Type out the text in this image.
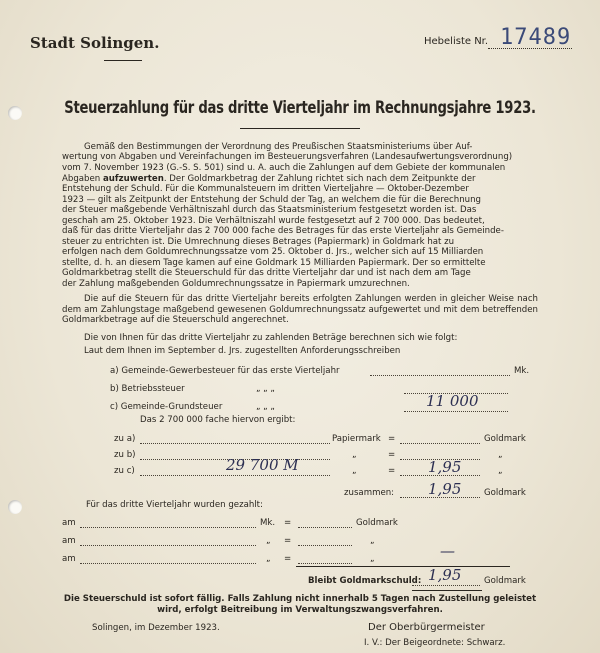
Stadt Solingen.	Hebeliste Nr. 17489
Steuerzahlung für das dritte Vierteljahr im Rechnungsjahre 1923.
Gemäß den Bestimmungen der Verordnung des Preußischen Staatsministeriums über Auf-
wertung von Abgaben und Vereinfachungen im Besteuerungsverfahren (Landesaufwertungsverordnung)
vom 7. November 1923 (G.-S. S. 501) sind u. A. auch die Zahlungen auf dem Gebiete der kommunalen
Abgaben aufzuwerten. Der Goldmarkbetrag der Zahlung richtet sich nach dem Zeitpunkte der
Entstehung der Schuld. Für die Kommunalsteuern im dritten Vierteljahre — Oktober-Dezember
1923 — gilt als Zeitpunkt der Entstehung der Schuld der Tag, an welchem die für die Berechnung
der Steuer maßgebende Verhältniszahl durch das Staatsministerium festgesetzt worden ist. Das
geschah am 25. Oktober 1923. Die Verhältniszahl wurde festgesetzt auf 2 700 000. Das bedeutet,
daß für das dritte Vierteljahr das 2 700 000 fache des Betrages für das erste Vierteljahr als Gemeinde-
steuer zu entrichten ist. Die Umrechnung dieses Betrages (Papiermark) in Goldmark hat zu
erfolgen nach dem Goldumrechnungssatze vom 25. Oktober d. Jrs., welcher sich auf 15 Milliarden
stellte, d. h. an diesem Tage kamen auf eine Goldmark 15 Milliarden Papiermark. Der so ermittelte
Goldmarkbetrag stellt die Steuerschuld für das dritte Vierteljahr dar und ist nach dem am Tage
der Zahlung maßgebenden Goldumrechnungssatze in Papiermark umzurechnen.
Die auf die Steuern für das dritte Vierteljahr bereits erfolgten Zahlungen werden in gleicher Weise nach dem am Zahlungstage maßgebend gewesenen Goldumrechnungssatz aufgewertet und mit dem betreffenden Goldmarkbetrage auf die Steuerschuld angerechnet.
Die von Ihnen für das dritte Vierteljahr zu zahlenden Beträge berechnen sich wie folgt:
Laut dem Ihnen im September d. Jrs. zugestellten Anforderungsschreiben
a) Gemeinde-Gewerbesteuer für das erste Vierteljahr	Mk.
b) Betriebssteuer	„ „ „
c) Gemeinde-Grundsteuer	„ „ „	11 000
Das 2 700 000 fache hiervon ergibt:
zu a)	Papiermark =	Goldmark
zu b)	„	=	„
zu c)	29 700 M	„	= 1,95	„
zusammen: 1,95	Goldmark
Für das dritte Vierteljahr wurden gezahlt:
am	Mk. =	Goldmark
am	„ =	„
am	„ =	„	—
Bleibt Goldmarkschuld: 1,95	Goldmark
Die Steuerschuld ist sofort fällig. Falls Zahlung nicht innerhalb 5 Tagen nach Zustellung geleistet wird, erfolgt Beitreibung im Verwaltungszwangsverfahren.
Solingen, im Dezember 1923.	Der Oberbürgermeister
I. V.: Der Beigeordnete: Schwarz.
